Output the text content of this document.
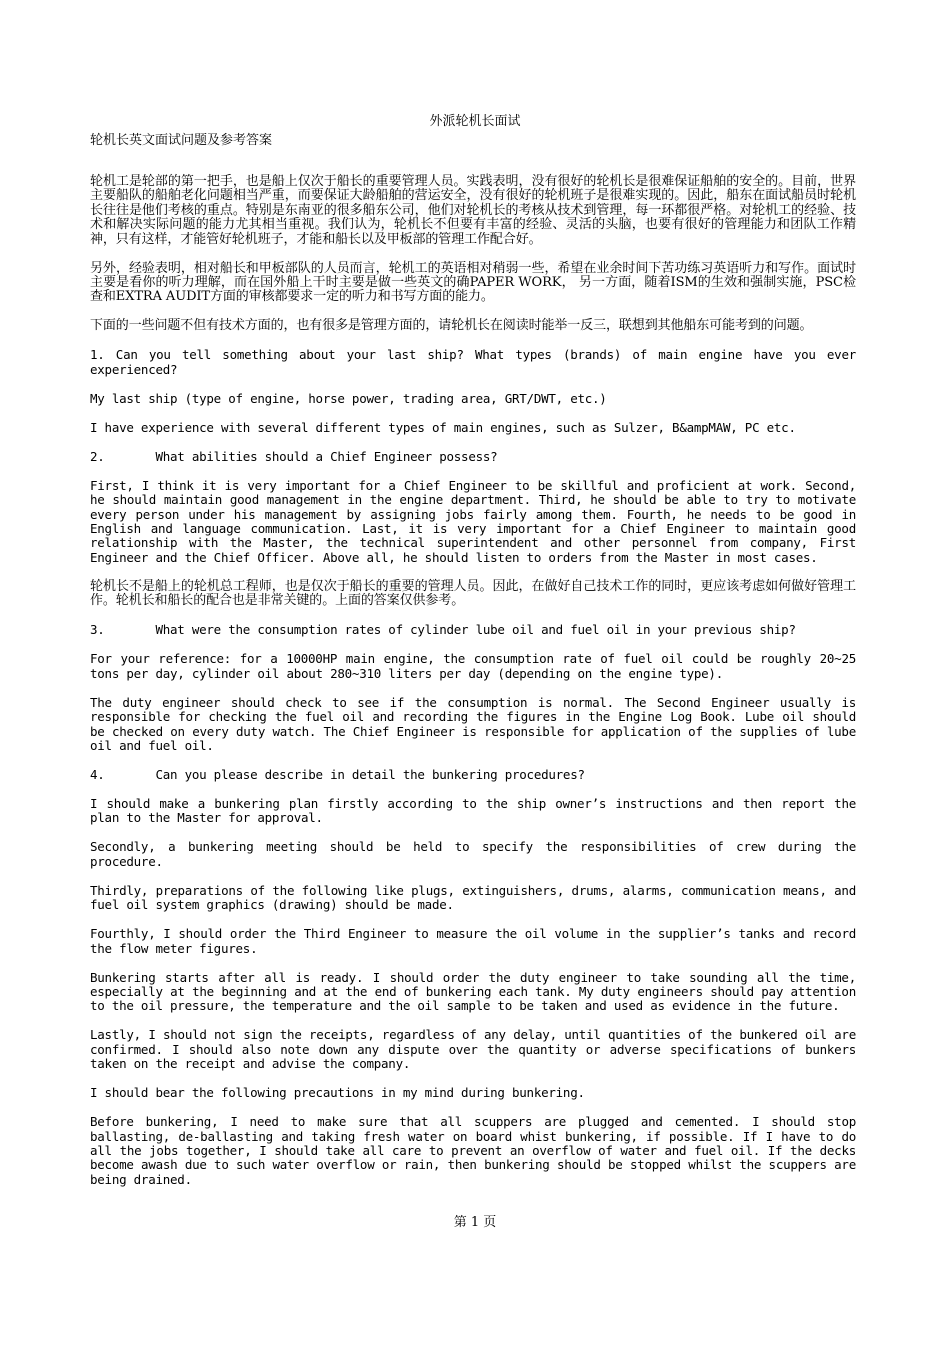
外派轮机长面试
轮机长英文面试问题及参考答案

轮机工是轮部的第一把手，也是船上仅次于船长的重要管理人员。实践表明，没有很好的轮机长是很难保证船舶的安全的。目前，世界主要船队的船舶老化问题相当严重，而要保证大龄船舶的营运安全，没有很好的轮机班子是很难实现的。因此，船东在面试船员时轮机长往往是他们考核的重点。特别是东南亚的很多船东公司，他们对轮机长的考核从技术到管理，每一环都很严格。对轮机工的经验、技术和解决实际问题的能力尤其相当重视。我们认为，轮机长不但要有丰富的经验、灵活的头脑，也要有很好的管理能力和团队工作精神，只有这样，才能管好轮机班子，才能和船长以及甲板部的管理工作配合好。

另外，经验表明，相对船长和甲板部队的人员而言，轮机工的英语相对稍弱一些，希望在业余时间下苦功练习英语听力和写作。面试时主要是看你的听力理解，而在国外船上干时主要是做一些英文的确PAPER WORK， 另一方面，随着ISM的生效和强制实施，PSC检查和EXTRA AUDIT方面的审核都要求一定的听力和书写方面的能力。

下面的一些问题不但有技术方面的，也有很多是管理方面的，请轮机长在阅读时能举一反三，联想到其他船东可能考到的问题。

1. Can you tell something about your last ship? What types (brands) of main engine have you ever experienced?

My last ship (type of engine, horse power, trading area, GRT/DWT, etc.)

I have experience with several different types of main engines, such as Sulzer, B&ampMAW, PC etc.

2.       What abilities should a Chief Engineer possess?

First, I think it is very important for a Chief Engineer to be skillful and proficient at work. Second, he should maintain good management in the engine department. Third, he should be able to try to motivate every person under his management by assigning jobs fairly among them. Fourth, he needs to be good in English and language communication. Last, it is very important for a Chief Engineer to maintain good relationship with the Master, the technical superintendent and other personnel from company, First Engineer and the Chief Officer. Above all, he should listen to orders from the Master in most cases.

轮机长不是船上的轮机总工程师，也是仅次于船长的重要的管理人员。因此，在做好自己技术工作的同时，更应该考虑如何做好管理工作。轮机长和船长的配合也是非常关键的。上面的答案仅供参考。

3.       What were the consumption rates of cylinder lube oil and fuel oil in your previous ship?

For your reference: for a 10000HP main engine, the consumption rate of fuel oil could be roughly 20~25 tons per day, cylinder oil about 280~310 liters per day (depending on the engine type).

The duty engineer should check to see if the consumption is normal. The Second Engineer usually is responsible for checking the fuel oil and recording the figures in the Engine Log Book. Lube oil should be checked on every duty watch. The Chief Engineer is responsible for application of the supplies of lube oil and fuel oil.

4.       Can you please describe in detail the bunkering procedures?

I should make a bunkering plan firstly according to the ship owner’s instructions and then report the plan to the Master for approval.

Secondly, a bunkering meeting should be held to specify the responsibilities of crew during the procedure.

Thirdly, preparations of the following like plugs, extinguishers, drums, alarms, communication means, and fuel oil system graphics (drawing) should be made.

Fourthly, I should order the Third Engineer to measure the oil volume in the supplier’s tanks and record the flow meter figures.

Bunkering starts after all is ready. I should order the duty engineer to take sounding all the time, especially at the beginning and at the end of bunkering each tank. My duty engineers should pay attention to the oil pressure, the temperature and the oil sample to be taken and used as evidence in the future.

Lastly, I should not sign the receipts, regardless of any delay, until quantities of the bunkered oil are confirmed. I should also note down any dispute over the quantity or adverse specifications of bunkers taken on the receipt and advise the company.

I should bear the following precautions in my mind during bunkering.

Before bunkering, I need to make sure that all scuppers are plugged and cemented. I should stop ballasting, de-ballasting and taking fresh water on board whist bunkering, if possible. If I have to do all the jobs together, I should take all care to prevent an overflow of water and fuel oil. If the decks become awash due to such water overflow or rain, then bunkering should be stopped whilst the scuppers are being drained.

第 1 页
